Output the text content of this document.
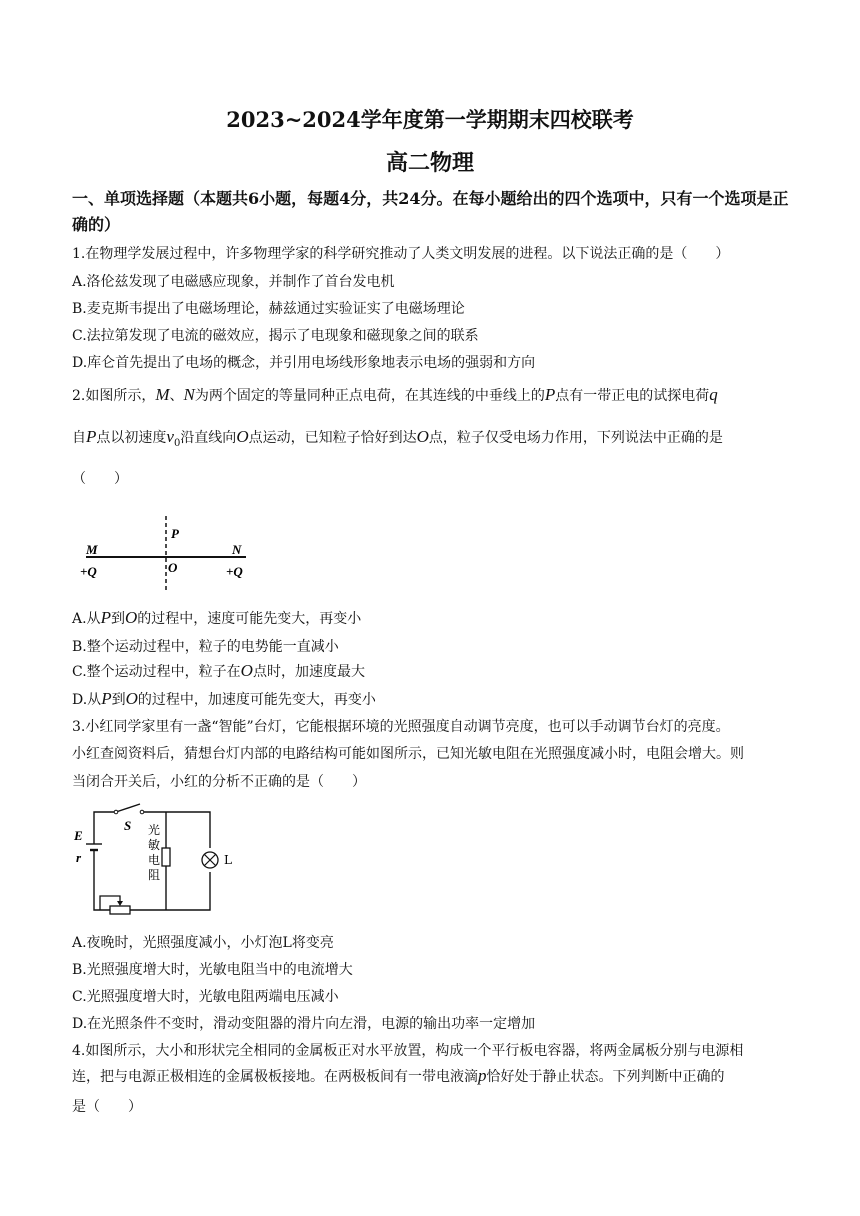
2023~2024学年度第一学期期末四校联考
高二物理
一、单项选择题（本题共6小题，每题4分，共24分。在每小题给出的四个选项中，只有一个选项是正确的）
1.在物理学发展过程中，许多物理学家的科学研究推动了人类文明发展的进程。以下说法正确的是（　　）
A.洛伦兹发现了电磁感应现象，并制作了首台发电机
B.麦克斯韦提出了电磁场理论，赫兹通过实验证实了电磁场理论
C.法拉第发现了电流的磁效应，揭示了电现象和磁现象之间的联系
D.库仑首先提出了电场的概念，并引用电场线形象地表示电场的强弱和方向
2.如图所示，M、N为两个固定的等量同种正点电荷，在其连线的中垂线上的P点有一带正电的试探电荷q
自P点以初速度$v_0$沿直线向O点运动，已知粒子恰好到达O点，粒子仅受电场力作用，下列说法中正确的是
（　　）
M	N
+Q	+Q
P
O
A.从P到O的过程中，速度可能先变大，再变小
B.整个运动过程中，粒子的电势能一直减小
C.整个运动过程中，粒子在O点时，加速度最大
D.从P到O的过程中，加速度可能先变大，再变小
3.小红同学家里有一盏“智能”台灯，它能根据环境的光照强度自动调节亮度，也可以手动调节台灯的亮度。
小红查阅资料后，猜想台灯内部的电路结构可能如图所示，已知光敏电阻在光照强度减小时，电阻会增大。则
当闭合开关后，小红的分析不正确的是（　　）
S
E
r	L
光
敏
电
阻
A.夜晚时，光照强度减小，小灯泡L将变亮
B.光照强度增大时，光敏电阻当中的电流增大
C.光照强度增大时，光敏电阻两端电压减小
D.在光照条件不变时，滑动变阻器的滑片向左滑，电源的输出功率一定增加
4.如图所示，大小和形状完全相同的金属板正对水平放置，构成一个平行板电容器，将两金属板分别与电源相
连，把与电源正极相连的金属极板接地。在两极板间有一带电液滴p恰好处于静止状态。下列判断中正确的
是（　　）
